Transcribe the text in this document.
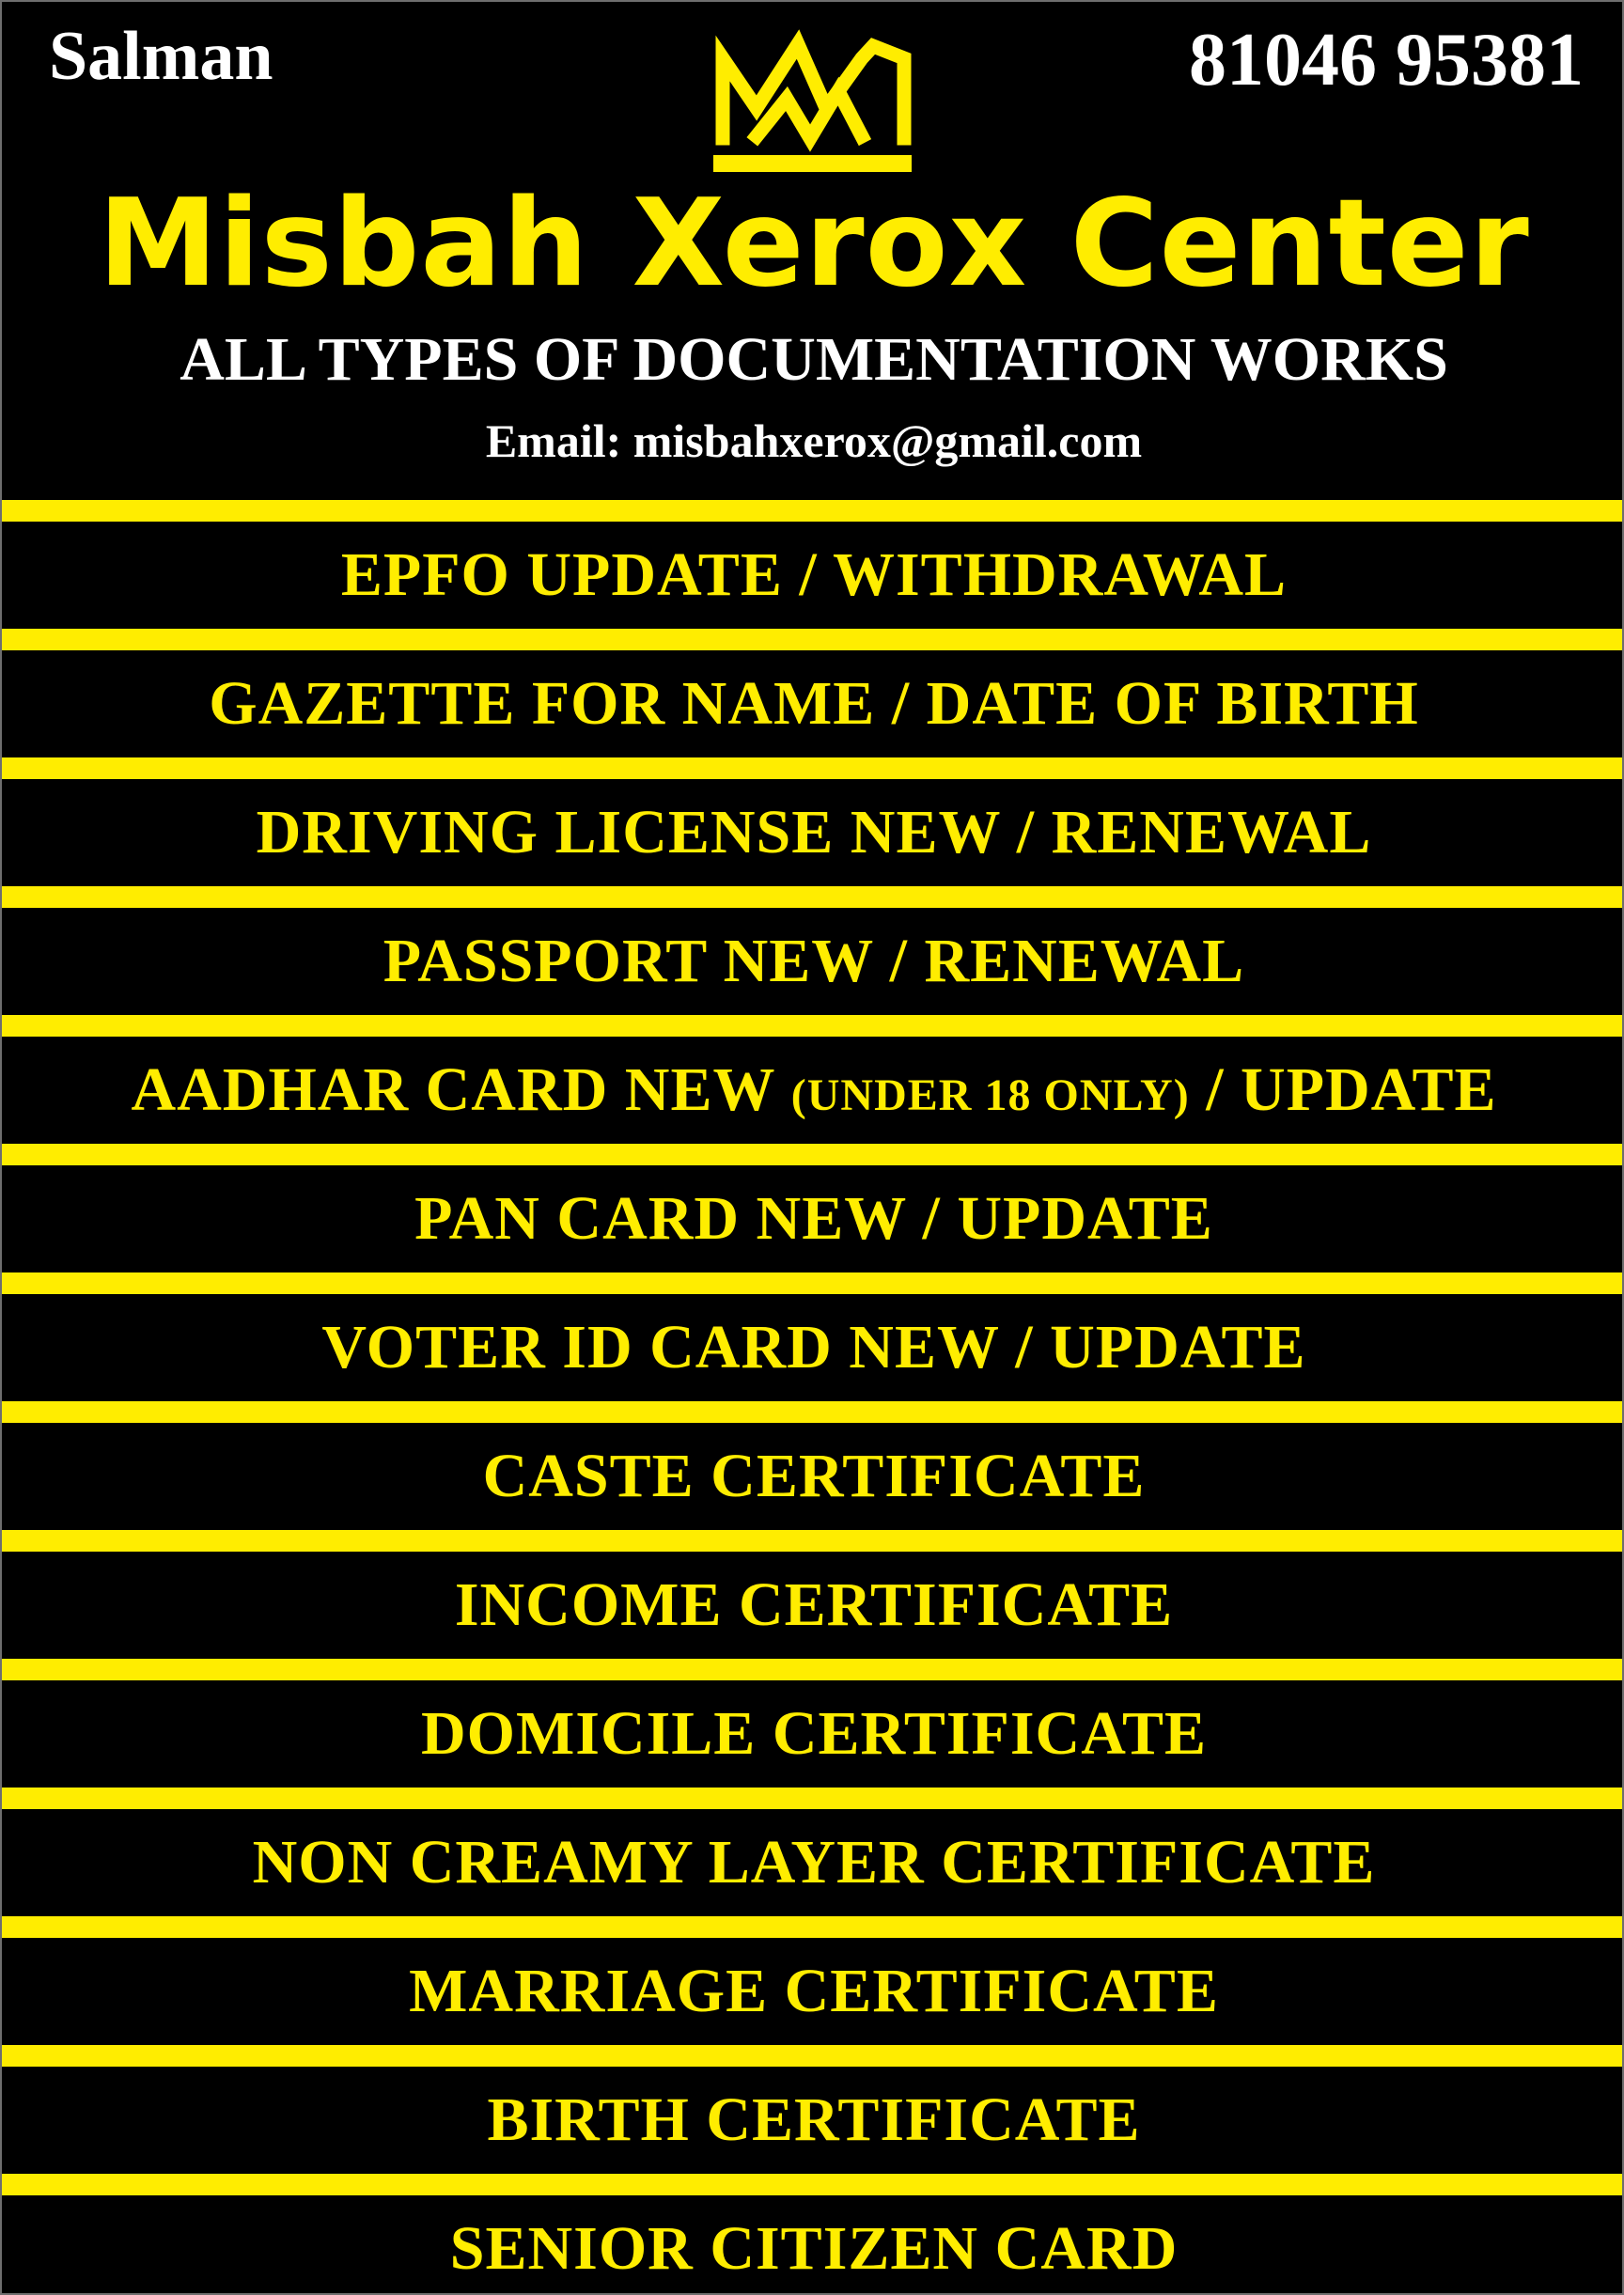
Salman	81046 95381
Misbah Xerox Center
ALL TYPES OF DOCUMENTATION WORKS
Email: misbahxerox@gmail.com
EPFO UPDATE / WITHDRAWAL
GAZETTE FOR NAME / DATE OF BIRTH
DRIVING LICENSE NEW / RENEWAL
PASSPORT NEW / RENEWAL
AADHAR CARD NEW (UNDER 18 ONLY) / UPDATE
PAN CARD NEW / UPDATE
VOTER ID CARD NEW / UPDATE
CASTE CERTIFICATE
INCOME CERTIFICATE
DOMICILE CERTIFICATE
NON CREAMY LAYER CERTIFICATE
MARRIAGE CERTIFICATE
BIRTH CERTIFICATE
SENIOR CITIZEN CARD
